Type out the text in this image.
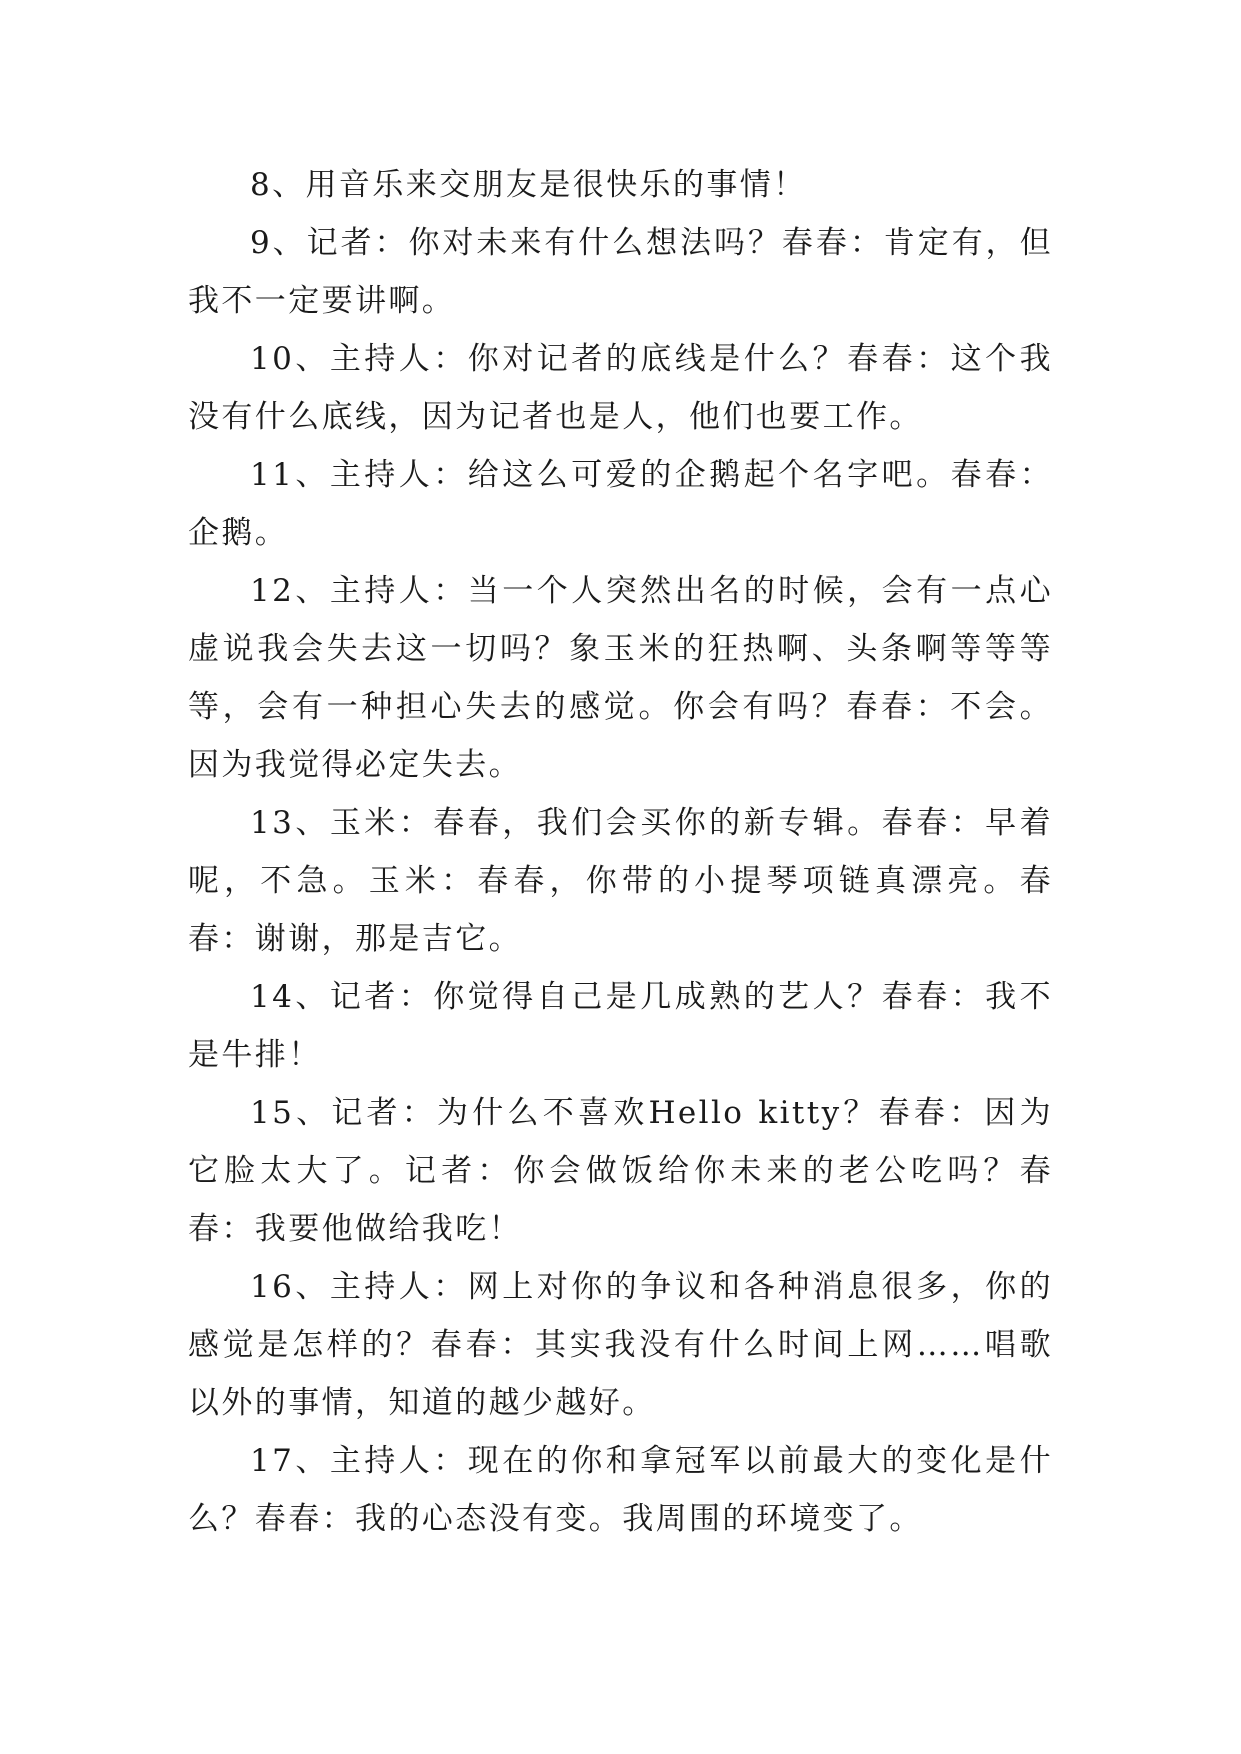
8、用音乐来交朋友是很快乐的事情！

9、记者：你对未来有什么想法吗？春春：肯定有，但我不一定要讲啊。

10、主持人：你对记者的底线是什么？春春：这个我没有什么底线，因为记者也是人，他们也要工作。

11、主持人：给这么可爱的企鹅起个名字吧。春春：企鹅。

12、主持人：当一个人突然出名的时候，会有一点心虚说我会失去这一切吗？象玉米的狂热啊、头条啊等等等等，会有一种担心失去的感觉。你会有吗？春春：不会。因为我觉得必定失去。

13、玉米：春春，我们会买你的新专辑。春春：早着呢，不急。玉米：春春，你带的小提琴项链真漂亮。春春：谢谢，那是吉它。

14、记者：你觉得自己是几成熟的艺人？春春：我不是牛排！

15、记者：为什么不喜欢Hello kitty？春春：因为它脸太大了。记者：你会做饭给你未来的老公吃吗？春春：我要他做给我吃！

16、主持人：网上对你的争议和各种消息很多，你的感觉是怎样的？春春：其实我没有什么时间上网……唱歌以外的事情，知道的越少越好。

17、主持人：现在的你和拿冠军以前最大的变化是什么？春春：我的心态没有变。我周围的环境变了。
